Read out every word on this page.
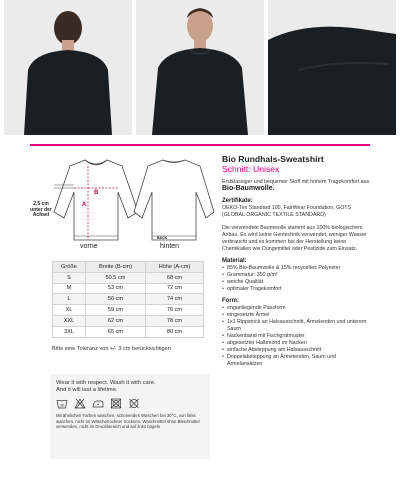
B
A
2,5 cm unter der Achsel
vorne
BACK
hinten
Größe	Breite (B-cm)	Höhe (A-cm)
S	50.5 cm	68 cm
M	53 cm	72 cm
L	56 cm	74 cm
XL	59 cm	76 cm
XXL	62 cm	78 cm
3XL	65 cm	80 cm
Bitte eine Toleranz von +/- 3 cm berücksichtigen
Wear it with respect. Wash it with care.
And it will last a lifetime.
30
Mit ähnlichen Farben waschen, schonendes Waschen bei 30°C, von links waschen, nicht im Wäschetrockner trocknen. Waschmittel ohne Bleichmittel verwenden, nicht im Druckbereich und auf links bügeln
Bio Rundhals-Sweatshirt
Schnitt: Unisex
Erstklassiger und bequemer Stoff mit hohem Tragekomfort aus Bio-Baumwolle.
Zertifikate:
OEKO-Tex Standard 100, FairWear Foundation, GOTS (GLOBAL ORGANIC TEXTILE STANDARD)
Die verwendete Baumwolle stammt aus 100% biologischem Anbau. Es wird keine Gentechnik verwendet, weniger Wasser verbraucht und es kommen bei der Herstellung keine Chemikalien wie Düngemittel oder Pestizide zum Einsatz.
Material:
• 85% Bio-Baumwolle & 15% recyceltes Polyester
• Grammatur: 350 g/m²
• weiche Qualität
• optimaler Tragekomfort
Form:
• enganliegende Passform
• eingesetzte Ärmel
• 1x1 Rippstrick an Halsausschnitt, Ärmelenden und unterem Saum
• Nackenband mit Fischgrätmuster
• abgesetzter Halbmond im Nacken
• einfache Absteppung am Halsausschnitt
• Doppelabsteppung an Ärmelenden, Saum und Ärmelansätzen
